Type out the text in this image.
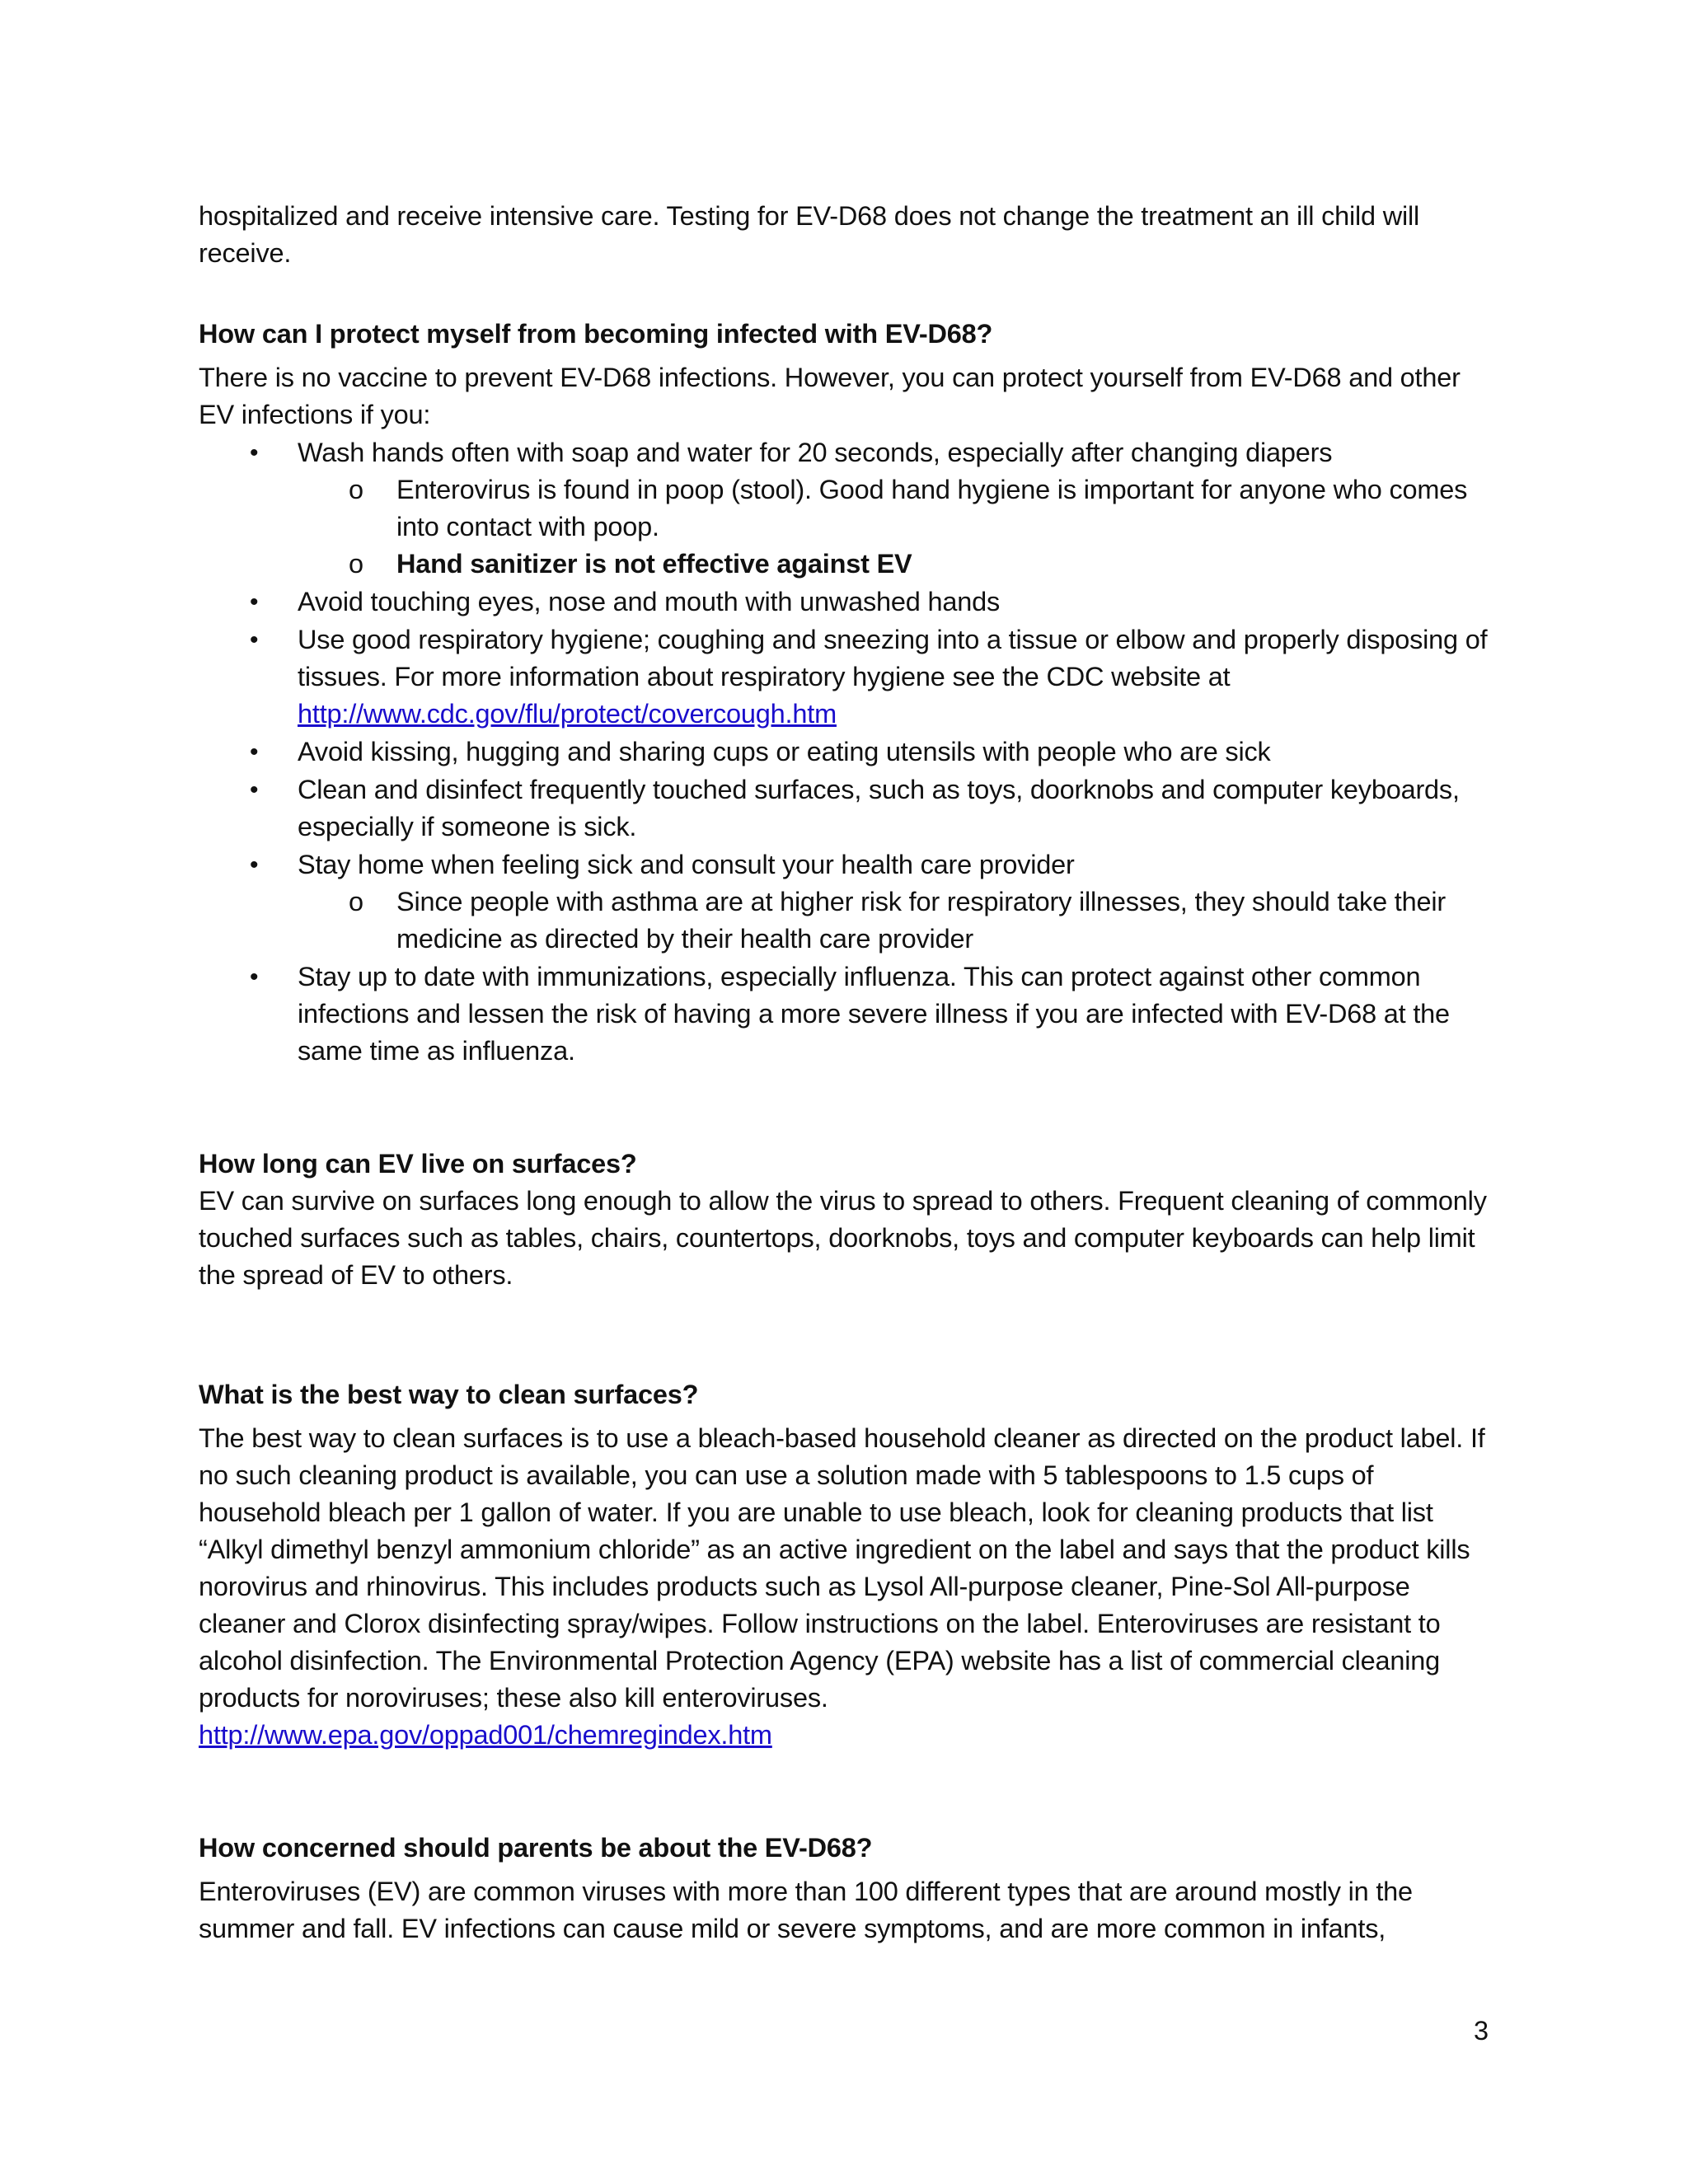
hospitalized and receive intensive care. Testing for EV-D68 does not change the treatment an ill child will receive.

How can I protect myself from becoming infected with EV-D68?

There is no vaccine to prevent EV-D68 infections. However, you can protect yourself from EV-D68 and other EV infections if you:

• Wash hands often with soap and water for 20 seconds, especially after changing diapers
o Enterovirus is found in poop (stool). Good hand hygiene is important for anyone who comes into contact with poop.
o Hand sanitizer is not effective against EV
• Avoid touching eyes, nose and mouth with unwashed hands
• Use good respiratory hygiene; coughing and sneezing into a tissue or elbow and properly disposing of tissues. For more information about respiratory hygiene see the CDC website at
http://www.cdc.gov/flu/protect/covercough.htm
• Avoid kissing, hugging and sharing cups or eating utensils with people who are sick
• Clean and disinfect frequently touched surfaces, such as toys, doorknobs and computer keyboards, especially if someone is sick.
• Stay home when feeling sick and consult your health care provider
o Since people with asthma are at higher risk for respiratory illnesses, they should take their medicine as directed by their health care provider
• Stay up to date with immunizations, especially influenza. This can protect against other common infections and lessen the risk of having a more severe illness if you are infected with EV-D68 at the same time as influenza.

How long can EV live on surfaces?

EV can survive on surfaces long enough to allow the virus to spread to others. Frequent cleaning of commonly touched surfaces such as tables, chairs, countertops, doorknobs, toys and computer keyboards can help limit the spread of EV to others.

What is the best way to clean surfaces?

The best way to clean surfaces is to use a bleach-based household cleaner as directed on the product label. If no such cleaning product is available, you can use a solution made with 5 tablespoons to 1.5 cups of household bleach per 1 gallon of water. If you are unable to use bleach, look for cleaning products that list “Alkyl dimethyl benzyl ammonium chloride” as an active ingredient on the label and says that the product kills norovirus and rhinovirus. This includes products such as Lysol All-purpose cleaner, Pine-Sol All-purpose cleaner and Clorox disinfecting spray/wipes. Follow instructions on the label. Enteroviruses are resistant to alcohol disinfection. The Environmental Protection Agency (EPA) website has a list of commercial cleaning products for noroviruses; these also kill enteroviruses.
http://www.epa.gov/oppad001/chemregindex.htm

How concerned should parents be about the EV-D68?

Enteroviruses (EV) are common viruses with more than 100 different types that are around mostly in the summer and fall. EV infections can cause mild or severe symptoms, and are more common in infants,

3
